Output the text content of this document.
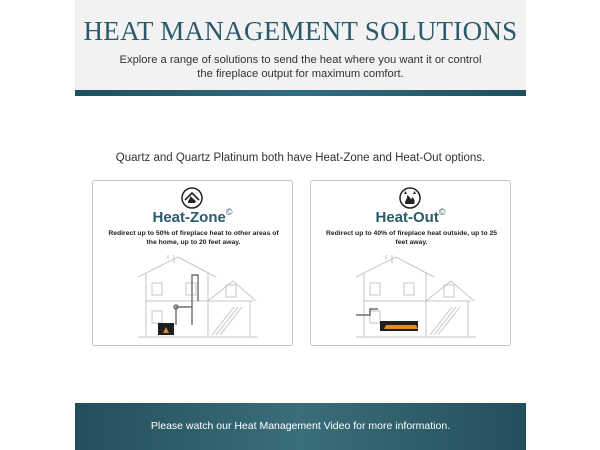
HEAT MANAGEMENT SOLUTIONS
Explore a range of solutions to send the heat where you want it or control the fireplace output for maximum comfort.
Quartz and Quartz Platinum both have Heat-Zone and Heat-Out options.
Heat-Zone©
Redirect up to 50% of fireplace heat to other areas of the home, up to 20 feet away.
Heat-Out©
Redirect up to 40% of fireplace heat outside, up to 25 feet away.
Please watch our Heat Management Video for more information.
